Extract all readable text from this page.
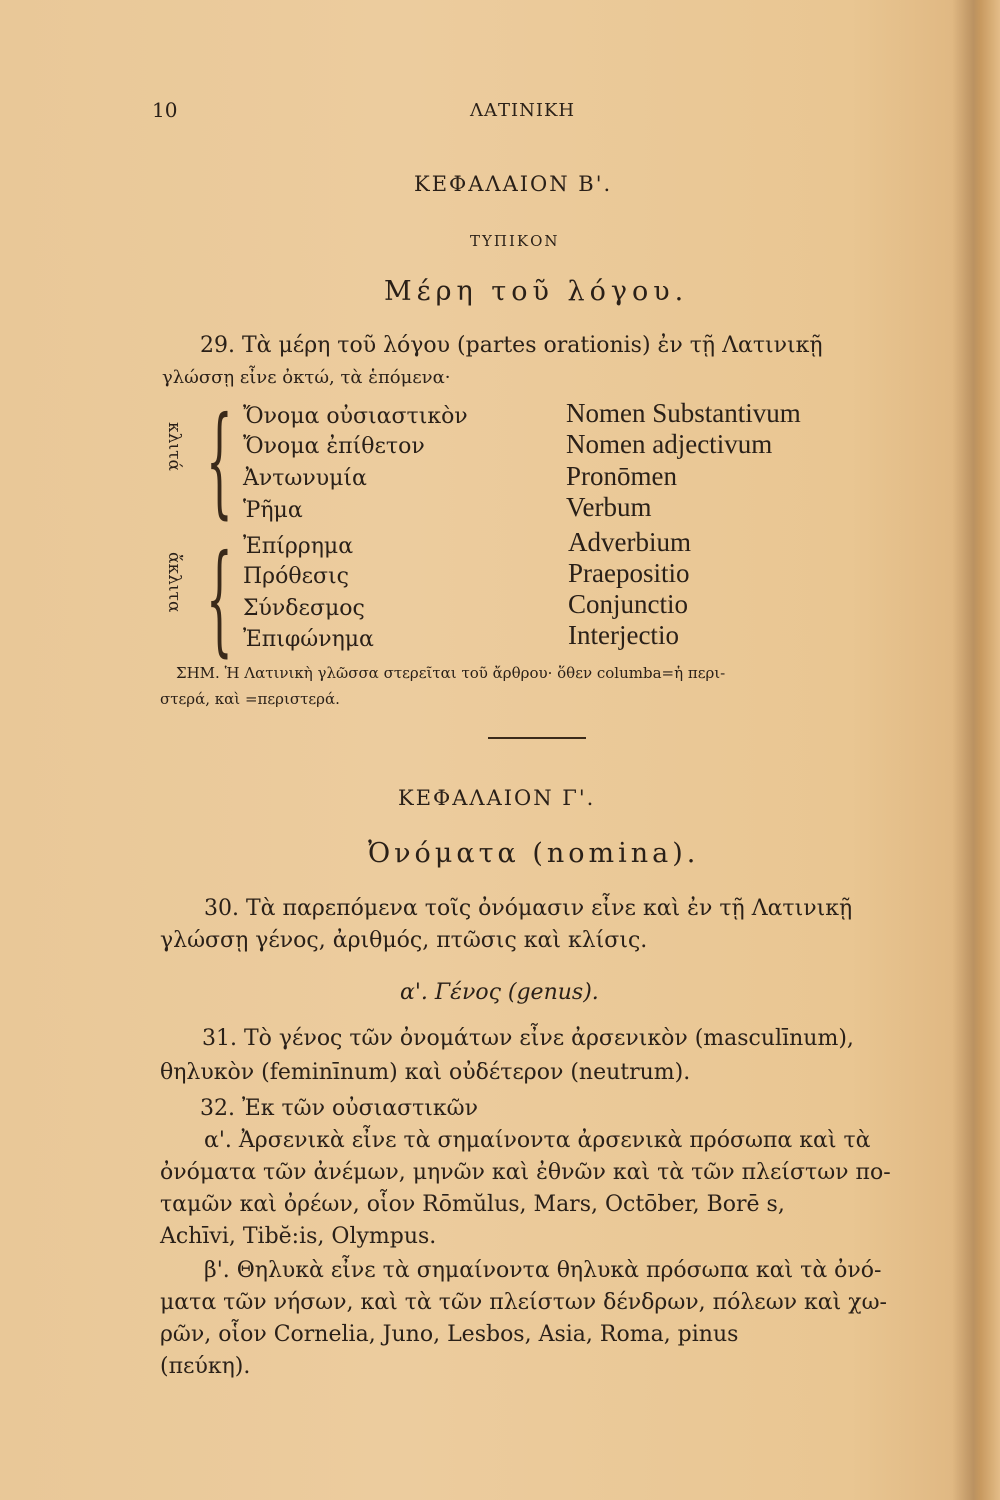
10	ΛΑΤΙΝΙΚΗ
ΚΕΦΑΛΑΙΟΝ Β'.
ΤΥΠΙΚΟΝ
Μέρη τοῦ λόγου.
29. Τὰ μέρη τοῦ λόγου (partes orationis) ἐν τῇ Λατινικῇ
γλώσσῃ εἶνε ὀκτώ, τὰ ἑπόμενα·
κλιτά
ἄκλιτα
{
{
Ὄνομα οὐσιαστικὸν
Ὄνομα ἐπίθετον
Ἀντωνυμία
Ῥῆμα
Ἐπίρρημα
Πρόθεσις
Σύνδεσμος
Ἐπιφώνημα
Nomen Substantivum
Nomen adjectivum
Pronōmen
Verbum
Adverbium
Praepositio
Conjunctio
Interjectio
ΣΗΜ. Ἡ Λατινικὴ γλῶσσα στερεῖται τοῦ ἄρθρου· ὅθεν columba=ἡ περι-
στερά, καὶ =περιστερά.
ΚΕΦΑΛΑΙΟΝ Γ'.
Ὀνόματα (nomina).
30. Τὰ παρεπόμενα τοῖς ὀνόμασιν εἶνε καὶ ἐν τῇ Λατινικῇ
γλώσσῃ γένος, ἀριθμός, πτῶσις καὶ κλίσις.
α'. Γένος (genus).
31. Τὸ γένος τῶν ὀνομάτων εἶνε ἀρσενικὸν (masculīnum),
θηλυκὸν (feminīnum) καὶ οὐδέτερον (neutrum).
32. Ἐκ τῶν οὐσιαστικῶν
α'. Ἀρσενικὰ εἶνε τὰ σημαίνοντα ἀρσενικὰ πρόσωπα καὶ τὰ
ὀνόματα τῶν ἀνέμων, μηνῶν καὶ ἐθνῶν καὶ τὰ τῶν πλείστων πο-
ταμῶν καὶ ὀρέων, οἷον Rōmŭlus, Mars, Octōber, Borē s,
Achīvi, Tibĕ:is, Olympus.
β'. Θηλυκὰ εἶνε τὰ σημαίνοντα θηλυκὰ πρόσωπα καὶ τὰ ὀνό-
ματα τῶν νήσων, καὶ τὰ τῶν πλείστων δένδρων, πόλεων καὶ χω-
ρῶν, οἷον Cornelia, Juno, Lesbos, Asia, Roma, pinus
(πεύκη).
